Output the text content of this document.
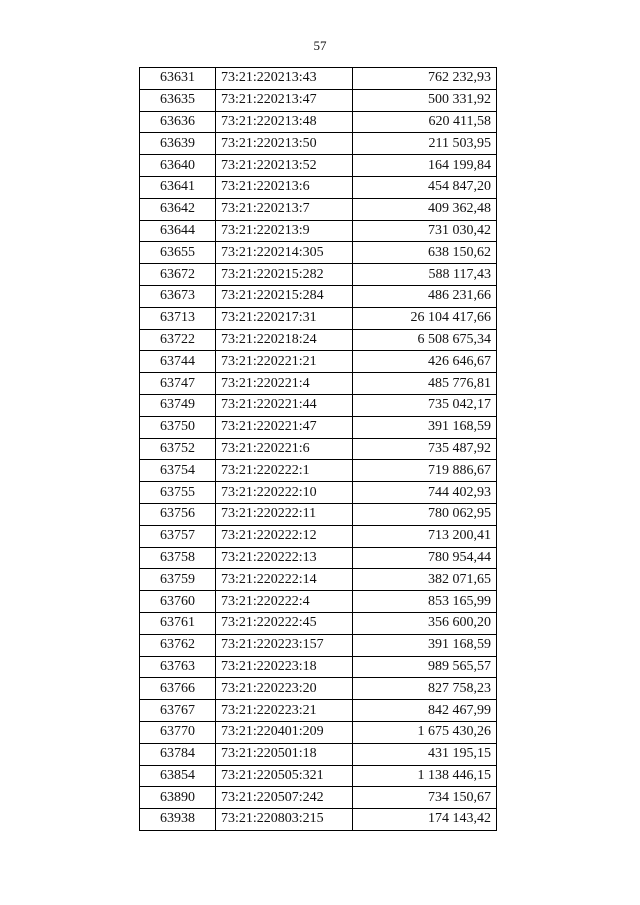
57
63631	73:21:220213:43	762 232,93
63635	73:21:220213:47	500 331,92
63636	73:21:220213:48	620 411,58
63639	73:21:220213:50	211 503,95
63640	73:21:220213:52	164 199,84
63641	73:21:220213:6	454 847,20
63642	73:21:220213:7	409 362,48
63644	73:21:220213:9	731 030,42
63655	73:21:220214:305	638 150,62
63672	73:21:220215:282	588 117,43
63673	73:21:220215:284	486 231,66
63713	73:21:220217:31	26 104 417,66
63722	73:21:220218:24	6 508 675,34
63744	73:21:220221:21	426 646,67
63747	73:21:220221:4	485 776,81
63749	73:21:220221:44	735 042,17
63750	73:21:220221:47	391 168,59
63752	73:21:220221:6	735 487,92
63754	73:21:220222:1	719 886,67
63755	73:21:220222:10	744 402,93
63756	73:21:220222:11	780 062,95
63757	73:21:220222:12	713 200,41
63758	73:21:220222:13	780 954,44
63759	73:21:220222:14	382 071,65
63760	73:21:220222:4	853 165,99
63761	73:21:220222:45	356 600,20
63762	73:21:220223:157	391 168,59
63763	73:21:220223:18	989 565,57
63766	73:21:220223:20	827 758,23
63767	73:21:220223:21	842 467,99
63770	73:21:220401:209	1 675 430,26
63784	73:21:220501:18	431 195,15
63854	73:21:220505:321	1 138 446,15
63890	73:21:220507:242	734 150,67
63938	73:21:220803:215	174 143,42
